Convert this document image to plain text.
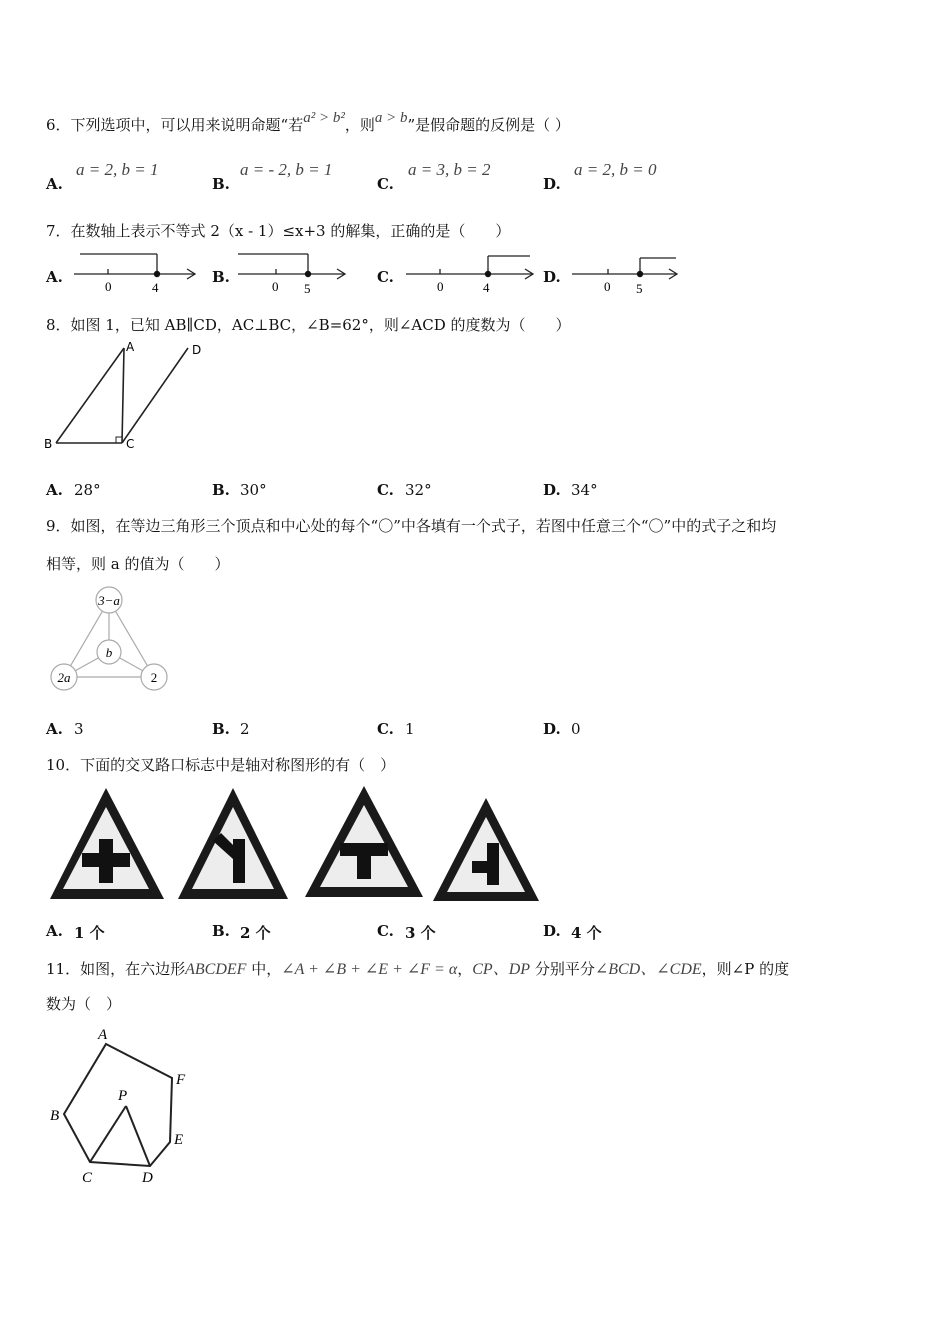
6．下列选项中，可以用来说明命题“若a² > b²，则a > b”是假命题的反例是（ ）
A.
a = 2, b = 1
B.
a = - 2, b = 1
C.
a = 3, b = 2
D.
a = 2, b = 0
7．在数轴上表示不等式 2（x - 1）≤x+3 的解集，正确的是（　　）
A.
0	4
B.
0 5
C.
0	4
D.
0 5
8．如图 1，已知 AB∥CD，AC⊥BC，∠B=62°，则∠ACD 的度数为（　　）
A	D
B	C
A. 28°	B. 30°	C. 32°	D. 34°
9．如图，在等边三角形三个顶点和中心处的每个“〇”中各填有一个式子，若图中任意三个“〇”中的式子之和均
相等，则 a 的值为（　　）
3−a
b
2a	2
A. 3	B. 2	C. 1	D. 0
10．下面的交叉路口标志中是轴对称图形的有（　）
A. 1 个	B. 2 个	C. 3 个	D. 4 个
11．如图，在六边形ABCDEF 中，∠A + ∠B + ∠E + ∠F = α，CP、DP 分别平分∠BCD、∠CDE，则∠P 的度
数为（　）
A
F
B
P
E
C	D
